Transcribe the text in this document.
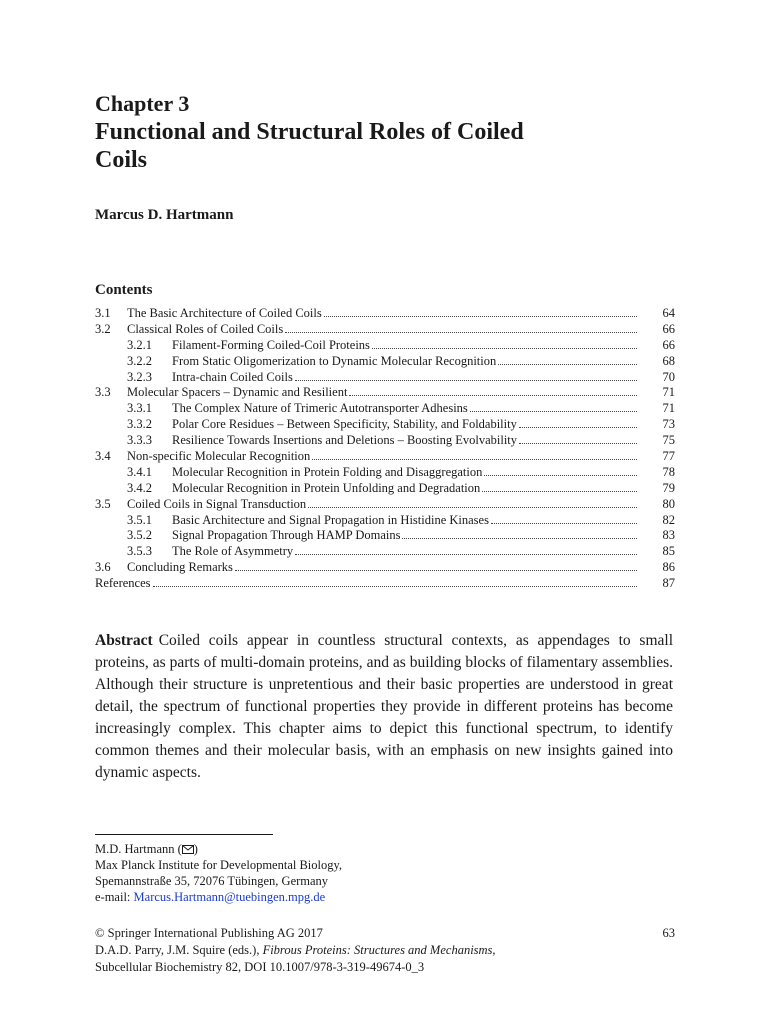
Chapter 3
Functional and Structural Roles of Coiled
Coils
Marcus D. Hartmann
Contents
3.1	The Basic Architecture of Coiled Coils	64
3.2	Classical Roles of Coiled Coils	66
3.2.1	Filament-Forming Coiled-Coil Proteins	66
3.2.2	From Static Oligomerization to Dynamic Molecular Recognition	68
3.2.3	Intra-chain Coiled Coils	70
3.3	Molecular Spacers – Dynamic and Resilient	71
3.3.1	The Complex Nature of Trimeric Autotransporter Adhesins	71
3.3.2	Polar Core Residues – Between Specificity, Stability, and Foldability	73
3.3.3	Resilience Towards Insertions and Deletions – Boosting Evolvability	75
3.4	Non-specific Molecular Recognition	77
3.4.1	Molecular Recognition in Protein Folding and Disaggregation	78
3.4.2	Molecular Recognition in Protein Unfolding and Degradation	79
3.5	Coiled Coils in Signal Transduction	80
3.5.1	Basic Architecture and Signal Propagation in Histidine Kinases	82
3.5.2	Signal Propagation Through HAMP Domains	83
3.5.3	The Role of Asymmetry	85
3.6	Concluding Remarks	86
References	87
Abstract Coiled coils appear in countless structural contexts, as appendages to small proteins, as parts of multi-domain proteins, and as building blocks of filamentary assemblies. Although their structure is unpretentious and their basic properties are understood in great detail, the spectrum of functional properties they provide in different proteins has become increasingly complex. This chapter aims to depict this functional spectrum, to identify common themes and their molecular basis, with an emphasis on new insights gained into dynamic aspects.
M.D. Hartmann ( )
Max Planck Institute for Developmental Biology,
Spemannstraße 35, 72076 Tübingen, Germany
e-mail: Marcus.Hartmann@tuebingen.mpg.de
© Springer International Publishing AG 2017	63
D.A.D. Parry, J.M. Squire (eds.), Fibrous Proteins: Structures and Mechanisms,
Subcellular Biochemistry 82, DOI 10.1007/978-3-319-49674-0_3
